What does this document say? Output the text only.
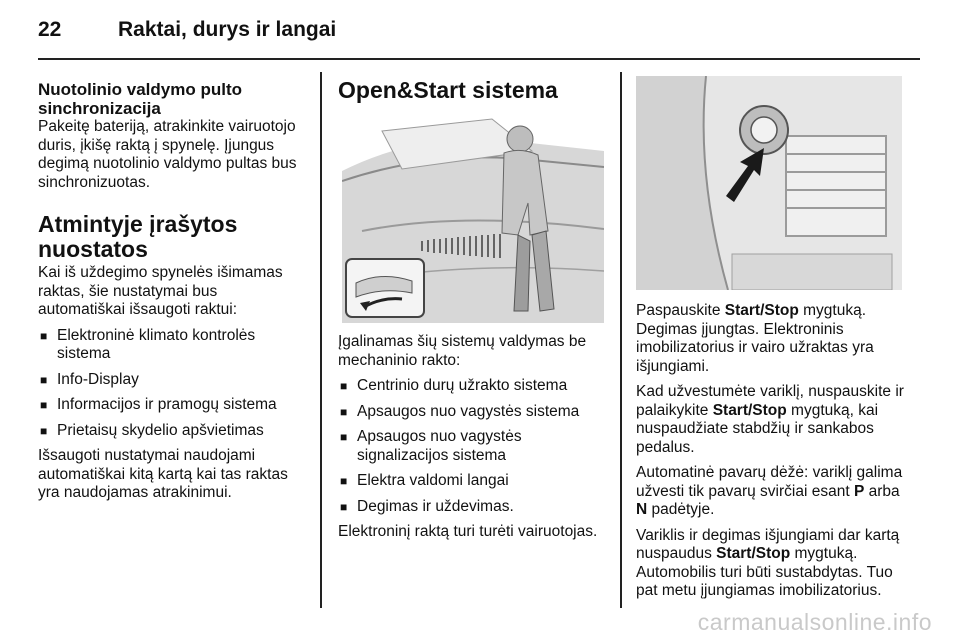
22	Raktai, durys ir langai
Nuotolinio valdymo pulto sinchronizacija

Pakeitę bateriją, atrakinkite vairuotojo duris, įkišę raktą į spynelę. Įjungus degimą nuotolinio valdymo pultas bus sinchronizuotas.

Atmintyje įrašytos nuostatos

Kai iš uždegimo spynelės išimamas raktas, šie nustatymai bus automatiškai išsaugoti raktui:

■ Elektroninė klimato kontrolės sistema
■ Info-Display
■ Informacijos ir pramogų sistema
■ Prietaisų skydelio apšvietimas

Išsaugoti nustatymai naudojami automatiškai kitą kartą kai tas raktas yra naudojamas atrakinimui.

Open&Start sistema

Įgalinamas šių sistemų valdymas be mechaninio rakto:

■ Centrinio durų užrakto sistema
■ Apsaugos nuo vagystės sistema
■ Apsaugos nuo vagystės signalizacijos sistema
■ Elektra valdomi langai
■ Degimas ir uždevimas.

Elektroninį raktą turi turėti vairuotojas.

Paspauskite Start/Stop mygtuką. Degimas įjungtas. Elektroninis imobilizatorius ir vairo užraktas yra išjungiami.

Kad užvestumėte variklį, nuspauskite ir palaikykite Start/Stop mygtuką, kai nuspaudžiate stabdžių ir sankabos pedalus.

Automatinė pavarų dėžė: variklį galima užvesti tik pavarų svirčiai esant P arba N padėtyje.

Variklis ir degimas išjungiami dar kartą nuspaudus Start/Stop mygtuką. Automobilis turi būti sustabdytas. Tuo pat metu įjungiamas imobilizatorius.

carmanualsonline.info
